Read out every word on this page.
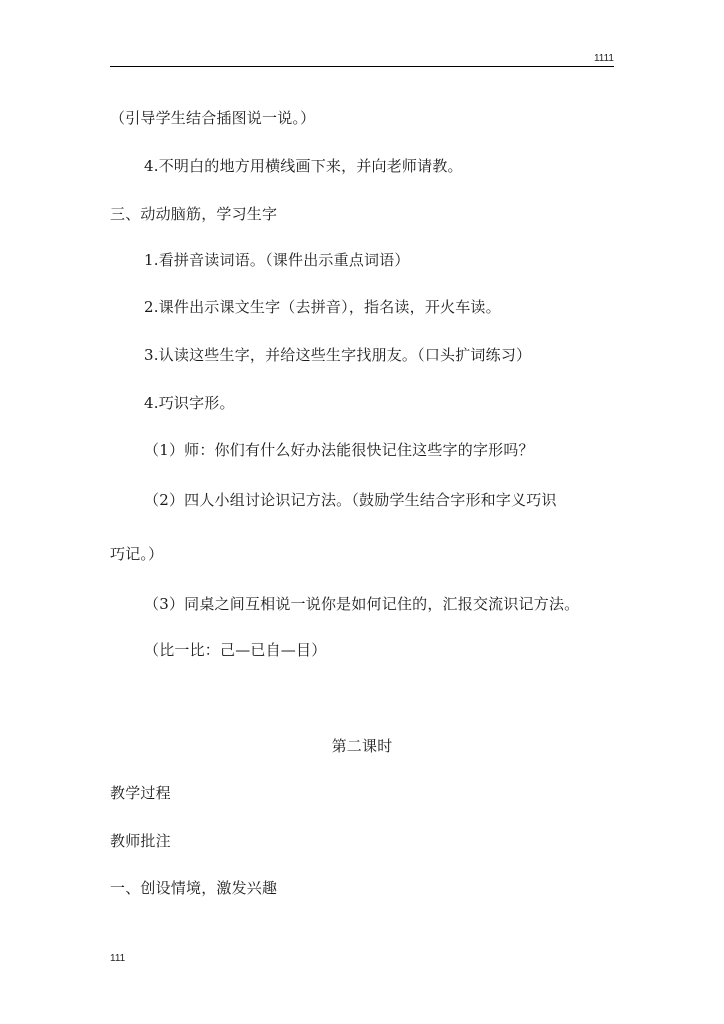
1111
（引导学生结合插图说一说。）
4.不明白的地方用横线画下来，并向老师请教。
三、动动脑筋，学习生字
1.看拼音读词语。（课件出示重点词语）
2.课件出示课文生字（去拼音），指名读，开火车读。
3.认读这些生字，并给这些生字找朋友。（口头扩词练习）
4.巧识字形。
（1）师：你们有什么好办法能很快记住这些字的字形吗？
（2）四人小组讨论识记方法。（鼓励学生结合字形和字义巧识
巧记。）
（3）同桌之间互相说一说你是如何记住的，汇报交流识记方法。
（比一比：己—已自—目）
第二课时
教学过程
教师批注
一、创设情境，激发兴趣
111
